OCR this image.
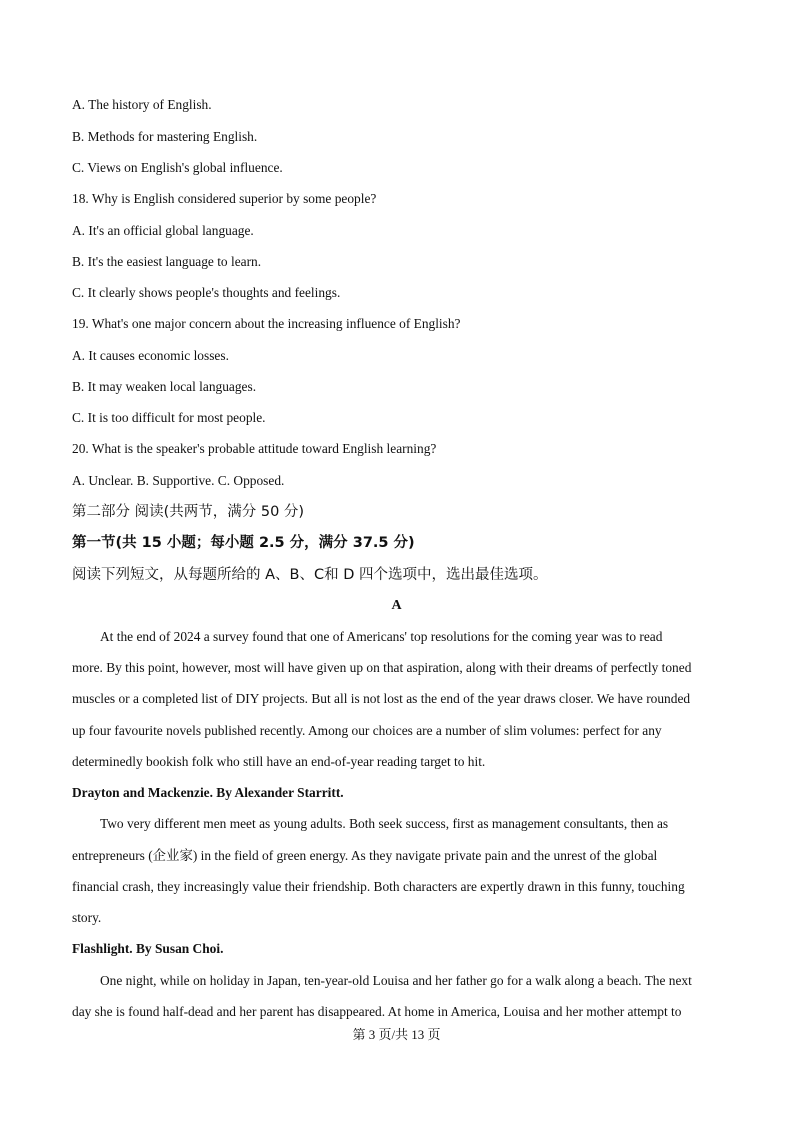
A. The history of English.
B. Methods for mastering English.
C. Views on English's global influence.
18. Why is English considered superior by some people?
A. It's an official global language.
B. It's the easiest language to learn.
C. It clearly shows people's thoughts and feelings.
19. What's one major concern about the increasing influence of English?
A. It causes economic losses.
B. It may weaken local languages.
C. It is too difficult for most people.
20. What is the speaker's probable attitude toward English learning?
A. Unclear. B. Supportive. C. Opposed.
第二部分 阅读(共两节，满分 50 分)
第一节(共 15 小题；每小题 2.5 分，满分 37.5 分)
阅读下列短文，从每题所给的 A、B、C和 D 四个选项中，选出最佳选项。
A
At the end of 2024 a survey found that one of Americans' top resolutions for the coming year was to read
more. By this point, however, most will have given up on that aspiration, along with their dreams of perfectly toned
muscles or a completed list of DIY projects. But all is not lost as the end of the year draws closer. We have rounded
up four favourite novels published recently. Among our choices are a number of slim volumes: perfect for any
determinedly bookish folk who still have an end-of-year reading target to hit.
Drayton and Mackenzie. By Alexander Starritt.
Two very different men meet as young adults. Both seek success, first as management consultants, then as
entrepreneurs (企业家) in the field of green energy. As they navigate private pain and the unrest of the global
financial crash, they increasingly value their friendship. Both characters are expertly drawn in this funny, touching
story.
Flashlight. By Susan Choi.
One night, while on holiday in Japan, ten-year-old Louisa and her father go for a walk along a beach. The next
day she is found half-dead and her parent has disappeared. At home in America, Louisa and her mother attempt to
第 3 页/共 13 页
